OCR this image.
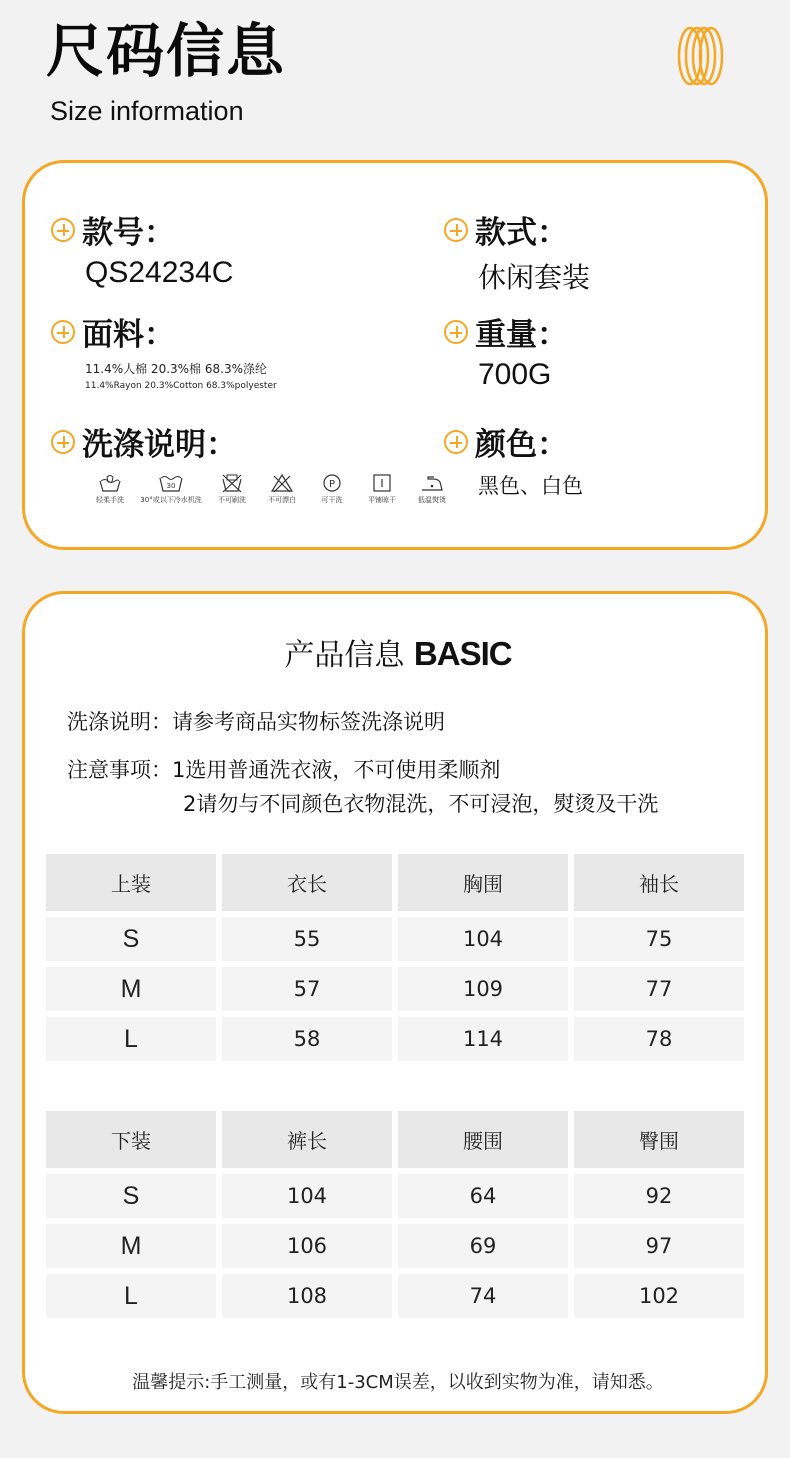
尺码信息
Size information
款号：
QS24234C
款式：
休闲套装
面料：
11.4%人棉 20.3%棉 68.3%涤纶
11.4%Rayon 20.3%Cotton 68.3%polyester
重量：
700G
洗涤说明：	颜色：
黑色、白色
轻柔手洗
30
30°或以下冷水机洗 不可刷洗	不可漂白
P
可干洗	平铺晾干	低温熨烫
产品信息 BASIC
洗涤说明：请参考商品实物标签洗涤说明
注意事项：1选用普通洗衣液，不可使用柔顺剂
2请勿与不同颜色衣物混洗，不可浸泡，熨烫及干洗
上装	衣长	胸围	袖长
S	55	104	75
M	57	109	77
L	58	114	78
下装	裤长	腰围	臀围
S	104	64	92
M	106	69	97
L	108	74	102
温馨提示:手工测量，或有1-3CM误差，以收到实物为准，请知悉。
